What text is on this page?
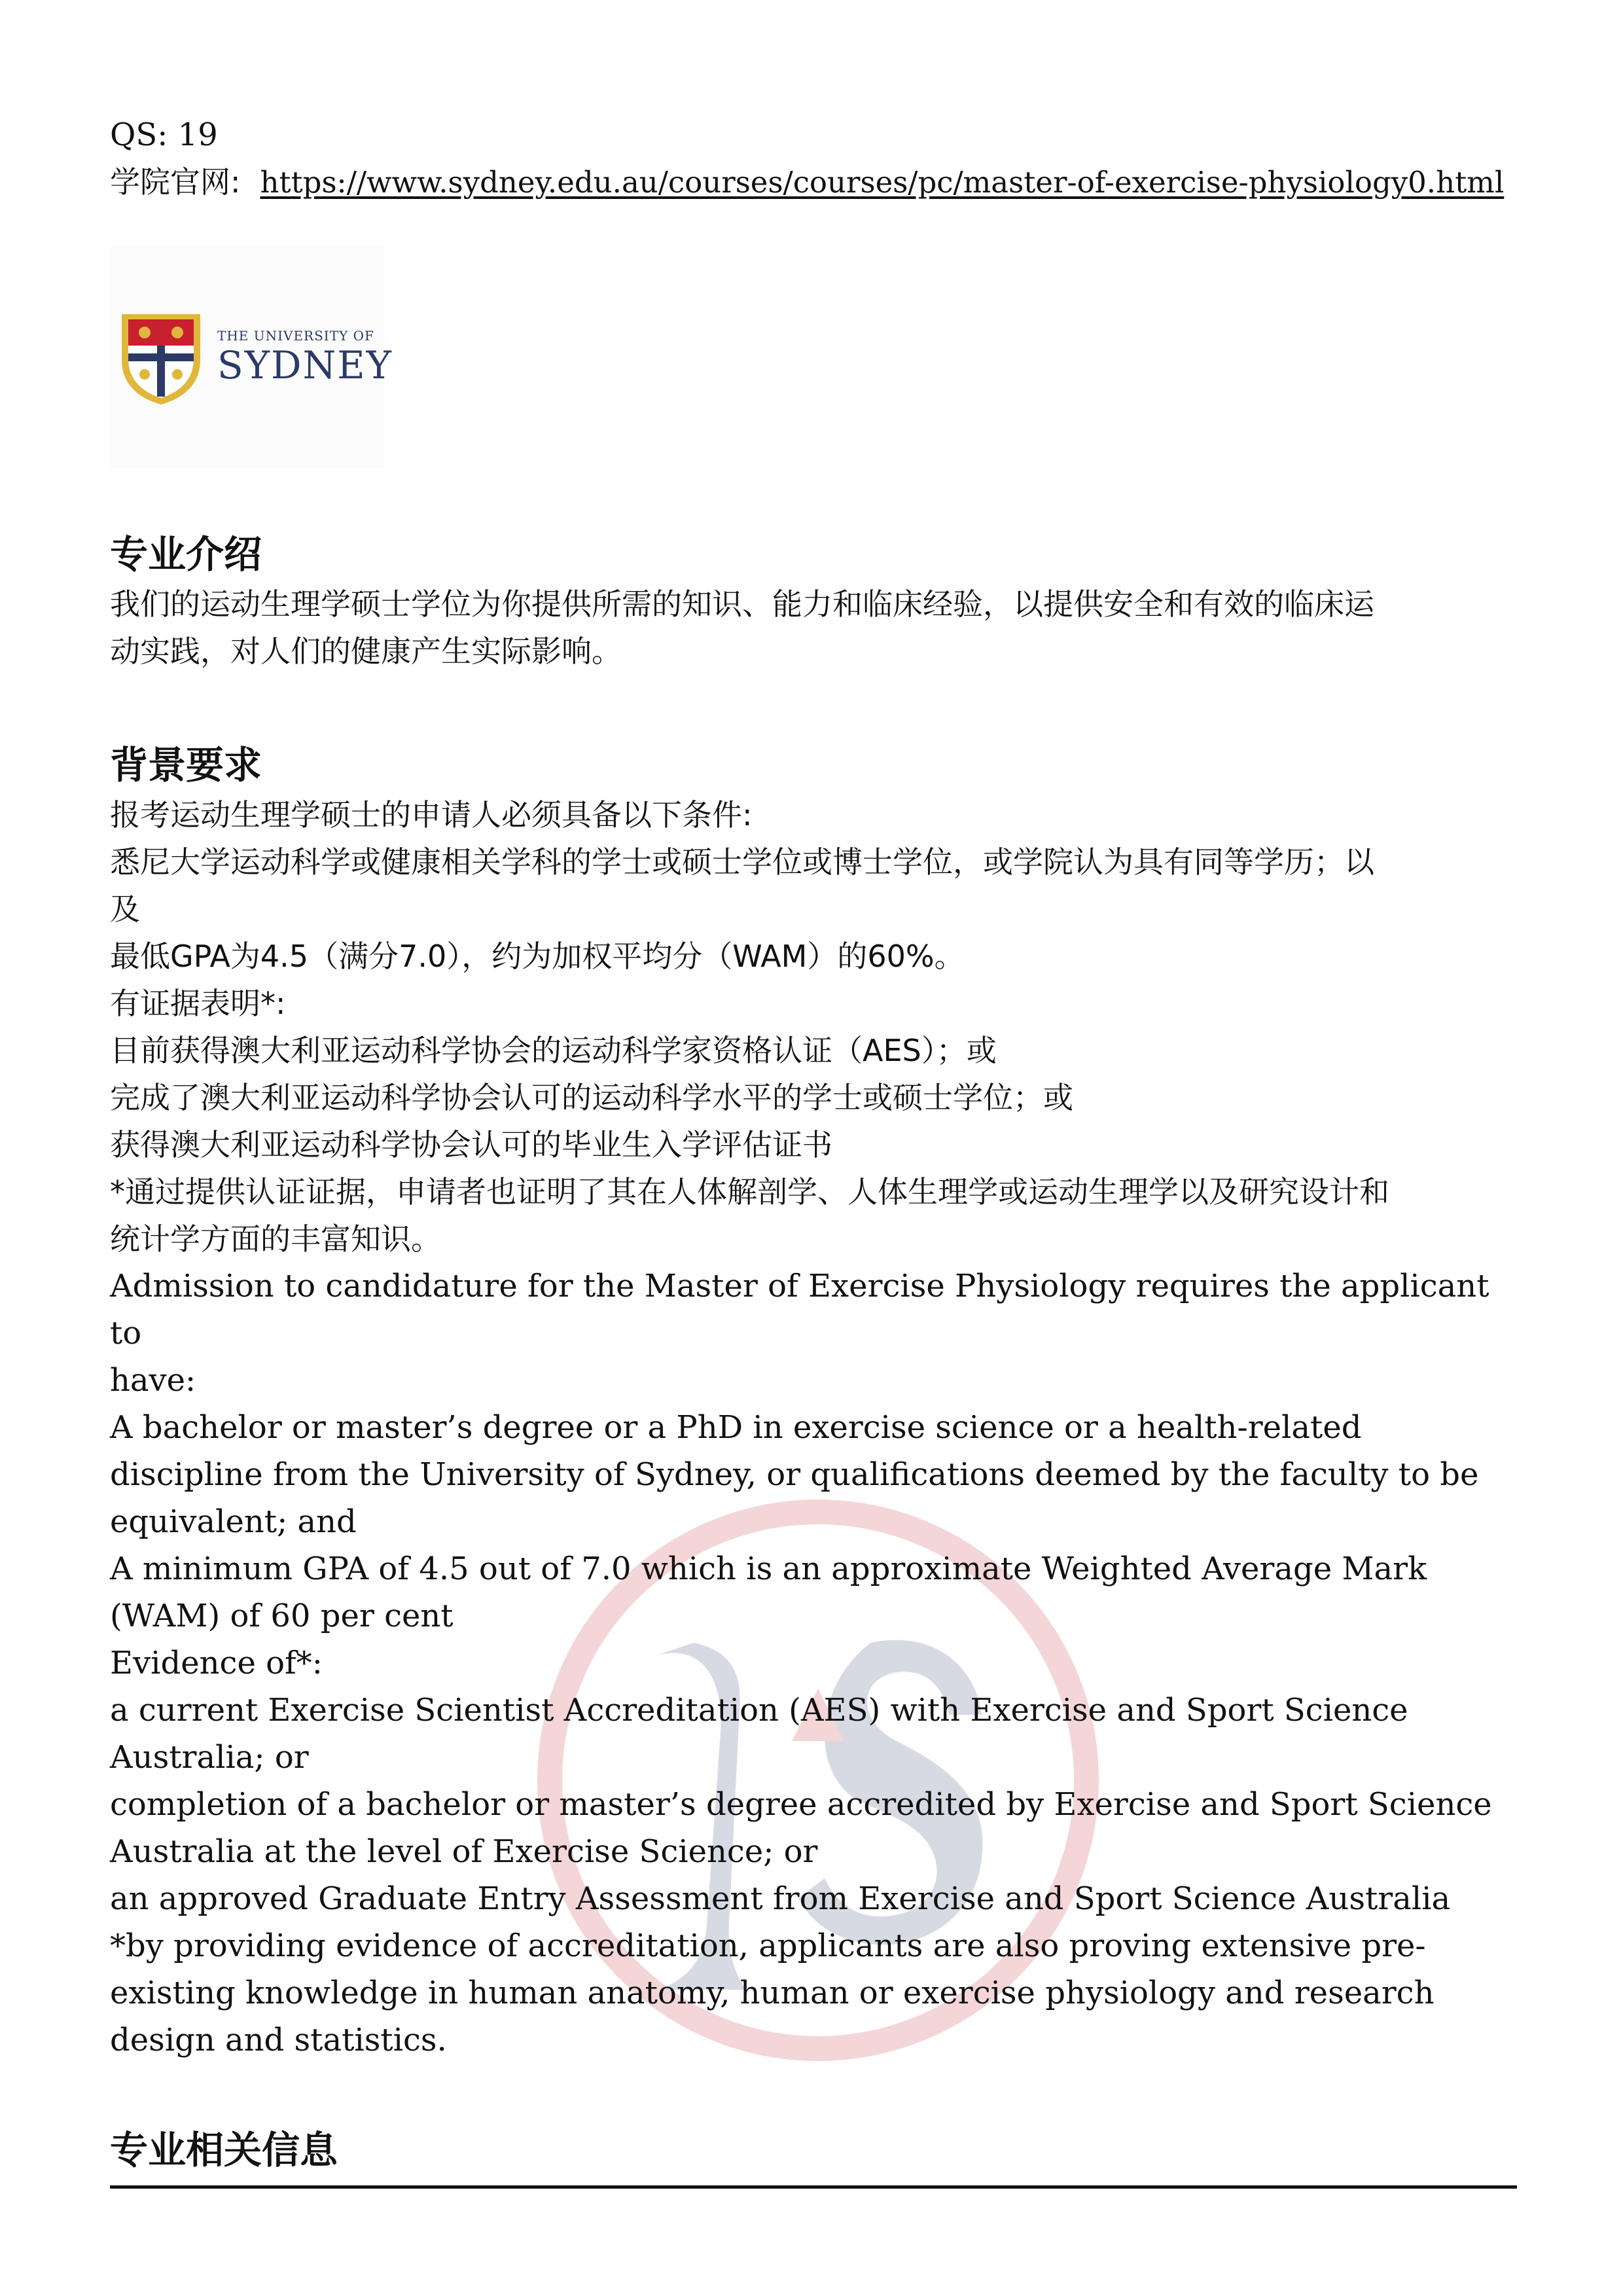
QS: 19

学院官网: https://www.sydney.edu.au/courses/courses/pc/master-of-exercise-physiology0.html
THE UNIVERSITY OF
SYDNEY
专业介绍

我们的运动生理学硕士学位为你提供所需的知识、能力和临床经验，以提供安全和有效的临床运

动实践，对人们的健康产生实际影响。

背景要求

报考运动生理学硕士的申请人必须具备以下条件:

悉尼大学运动科学或健康相关学科的学士或硕士学位或博士学位，或学院认为具有同等学历；以

及

最低GPA为4.5（满分7.0），约为加权平均分（WAM）的60%。

有证据表明*:

目前获得澳大利亚运动科学协会的运动科学家资格认证（AES）；或

完成了澳大利亚运动科学协会认可的运动科学水平的学士或硕士学位；或

获得澳大利亚运动科学协会认可的毕业生入学评估证书

*通过提供认证证据，申请者也证明了其在人体解剖学、人体生理学或运动生理学以及研究设计和

统计学方面的丰富知识。

Admission to candidature for the Master of Exercise Physiology requires the applicant to

have:

A bachelor or master’s degree or a PhD in exercise science or a health-related

discipline from the University of Sydney, or qualifications deemed by the faculty to be

equivalent; and

A minimum GPA of 4.5 out of 7.0 which is an approximate Weighted Average Mark

(WAM) of 60 per cent

Evidence of*:

a current Exercise Scientist Accreditation (AES) with Exercise and Sport Science

Australia; or

completion of a bachelor or master’s degree accredited by Exercise and Sport Science

Australia at the level of Exercise Science; or

an approved Graduate Entry Assessment from Exercise and Sport Science Australia

*by providing evidence of accreditation, applicants are also proving extensive pre-

existing knowledge in human anatomy, human or exercise physiology and research

design and statistics.

专业相关信息
